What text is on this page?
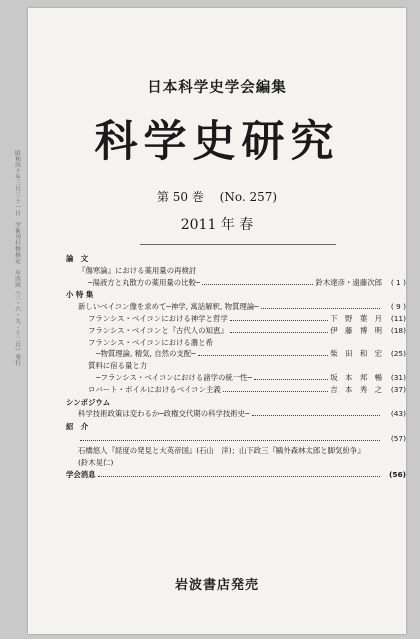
昭和四十年三月三十一日　学術刊行物指定　年四回（三・六・九・十二月）発行
日本科学史学会編集
科学史研究
第 50 巻 (No. 257)
2011 年 春
論　文
『傷寒論』における薬用量の再検討
─湯液方と丸散方の薬用量の比較─	鈴木達彦・遠藤次郎	( 1 )
小 特 集
新しいベイコン像を求めて─神学, 寓話解釈, 物質理論─	( 9 )
フランシス・ベイコンにおける神学と哲学	下　野　葉　月	(11)
フランシス・ベイコンと『古代人の知恵』	伊　藤　博　明	(18)
フランシス・ベイコンにおける濃と希
─物質理論, 精気, 自然の支配─	柴　田　和　宏	(25)
質料に宿る量と力
─フランシス・ベイコンにおける諸学の統一性─	坂　本　邦　暢	(31)
ロバート・ボイルにおけるベイコン主義	吉　本　秀　之	(37)
シンポジウム
科学技術政策は変わるか─政権交代期の科学技術史─	(43)
紹　介
(57)
石橋悠人『経度の発見と大英帝国』(石山　洋)；山下政三『鷗外森林太郎と脚気紛争』
(鈴木晃仁)
学会消息	(56)
岩波書店発売
